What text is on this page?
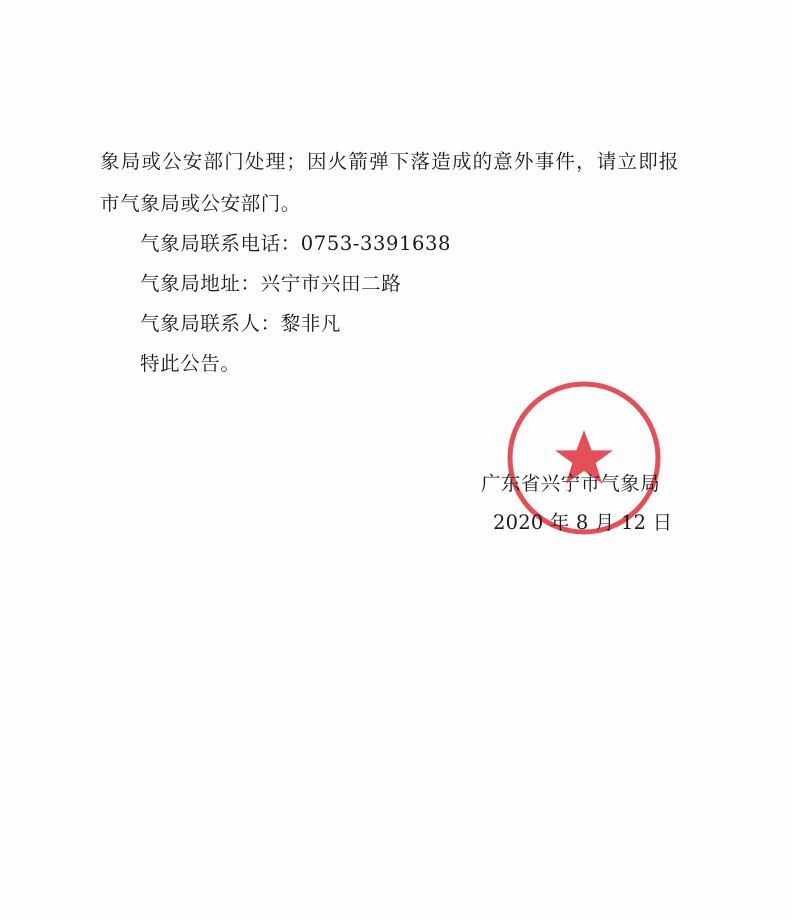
象局或公安部门处理；因火箭弹下落造成的意外事件，请立即报
市气象局或公安部门。
气象局联系电话：0753-3391638
气象局地址：兴宁市兴田二路
气象局联系人：黎非凡
特此公告。
广东省兴宁市气象局
2020 年 8 月 12 日
